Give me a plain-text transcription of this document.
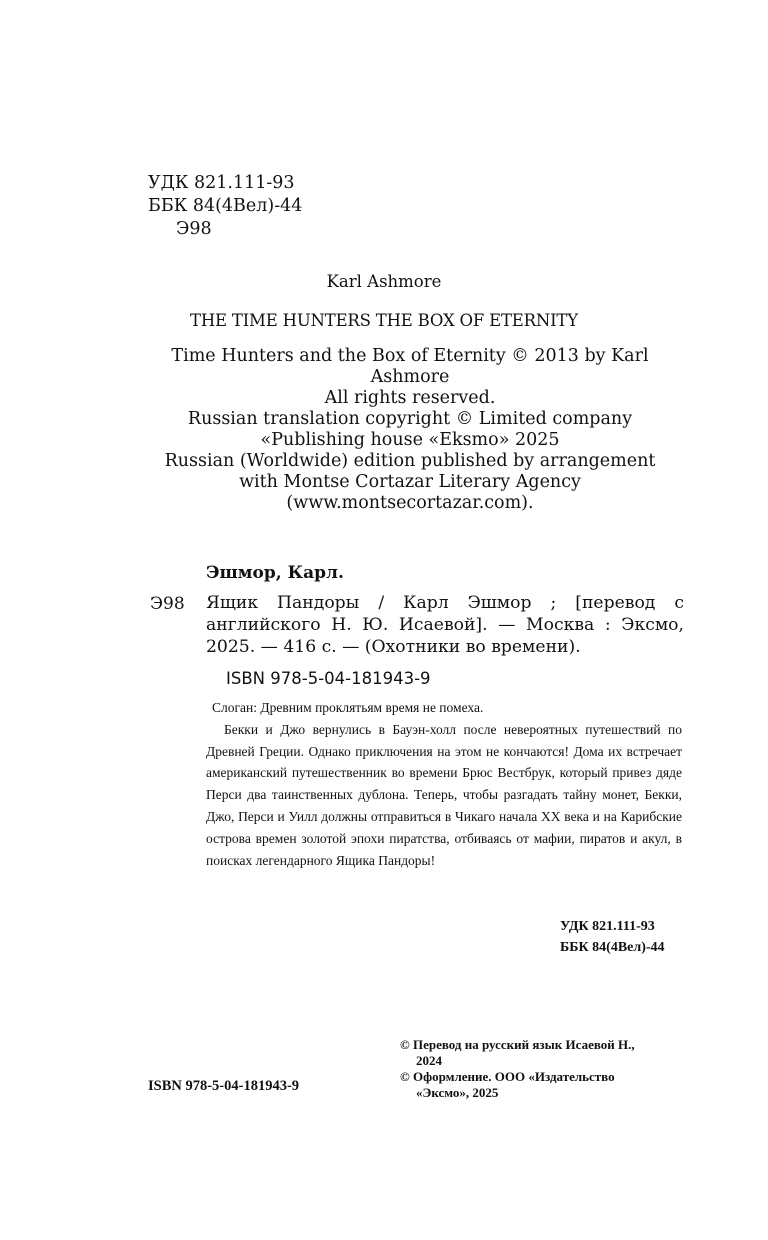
УДК 821.111-93
ББК 84(4Вел)-44
Э98
Karl Ashmore
THE TIME HUNTERS THE BOX OF ETERNITY
Time Hunters and the Box of Eternity © 2013 by Karl
Ashmore
All rights reserved.
Russian translation copyright © Limited company
«Publishing house «Eksmo» 2025
Russian (Worldwide) edition published by arrangement
with Montse Cortazar Literary Agency
(www.montsecortazar.com).
Эшмор, Карл.
Э98 Ящик Пандоры / Карл Эшмор ; [перевод с английского Н. Ю. Исаевой]. — Москва : Эксмо, 2025. — 416 с. — (Охотники во времени).

ISBN 978-5-04-181943-9

Слоган: Древним проклятьям время не помеха.

Бекки и Джо вернулись в Бауэн-холл после невероятных путешествий по Древней Греции. Однако приключения на этом не кончаются! Дома их встречает американский путешественник во времени Брюс Вестбрук, который привез дяде Перси два таинственных дублона. Теперь, чтобы разгадать тайну монет, Бекки, Джо, Перси и Уилл должны отправиться в Чикаго начала XX века и на Карибские острова времен золотой эпохи пиратства, отбиваясь от мафии, пиратов и акул, в поисках легендарного Ящика Пандоры!

УДК 821.111-93
ББК 84(4Вел)-44
© Перевод на русский язык Исаевой Н.,
2024
© Оформление. ООО «Издательство
«Эксмо», 2025
ISBN 978-5-04-181943-9
